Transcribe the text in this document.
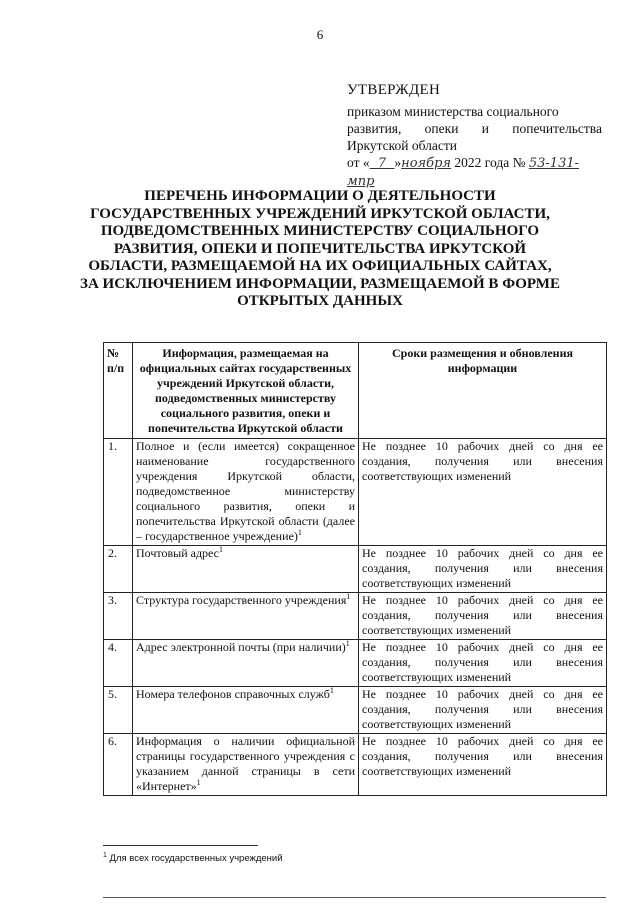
6
УТВЕРЖДЕН
приказом министерства социального
развития, опеки и попечительства
Иркутской области
от « 7 »ноября 2022 года № 53-131-мпр
ПЕРЕЧЕНЬ ИНФОРМАЦИИ О ДЕЯТЕЛЬНОСТИ ГОСУДАРСТВЕННЫХ УЧРЕЖДЕНИЙ ИРКУТСКОЙ ОБЛАСТИ, ПОДВЕДОМСТВЕННЫХ МИНИСТЕРСТВУ СОЦИАЛЬНОГО РАЗВИТИЯ, ОПЕКИ И ПОПЕЧИТЕЛЬСТВА ИРКУТСКОЙ ОБЛАСТИ, РАЗМЕЩАЕМОЙ НА ИХ ОФИЦИАЛЬНЫХ САЙТАХ, ЗА ИСКЛЮЧЕНИЕМ ИНФОРМАЦИИ, РАЗМЕЩАЕМОЙ В ФОРМЕ ОТКРЫТЫХ ДАННЫХ
№ п/п	Информация, размещаемая на официальных сайтах государственных учреждений Иркутской области, подведомственных министерству социального развития, опеки и попечительства Иркутской области	Сроки размещения и обновления информации
1.	Полное и (если имеется) сокращенное наименование государственного учреждения Иркутской области, подведомственное министерству социального развития, опеки и попечительства Иркутской области (далее – государственное учреждение)$^1$	Не позднее 10 рабочих дней со дня ее создания, получения или внесения соответствующих изменений
2.	Почтовый адрес$^1$	Не позднее 10 рабочих дней со дня ее создания, получения или внесения соответствующих изменений
3.	Структура государственного учреждения$^1$	Не позднее 10 рабочих дней со дня ее создания, получения или внесения соответствующих изменений
4.	Адрес электронной почты (при наличии)$^1$	Не позднее 10 рабочих дней со дня ее создания, получения или внесения соответствующих изменений
5.	Номера телефонов справочных служб$^1$	Не позднее 10 рабочих дней со дня ее создания, получения или внесения соответствующих изменений
6.	Информация о наличии официальной страницы государственного учреждения с указанием данной страницы в сети «Интернет»$^1$	Не позднее 10 рабочих дней со дня ее создания, получения или внесения соответствующих изменений
$^1$ Для всех государственных учреждений
